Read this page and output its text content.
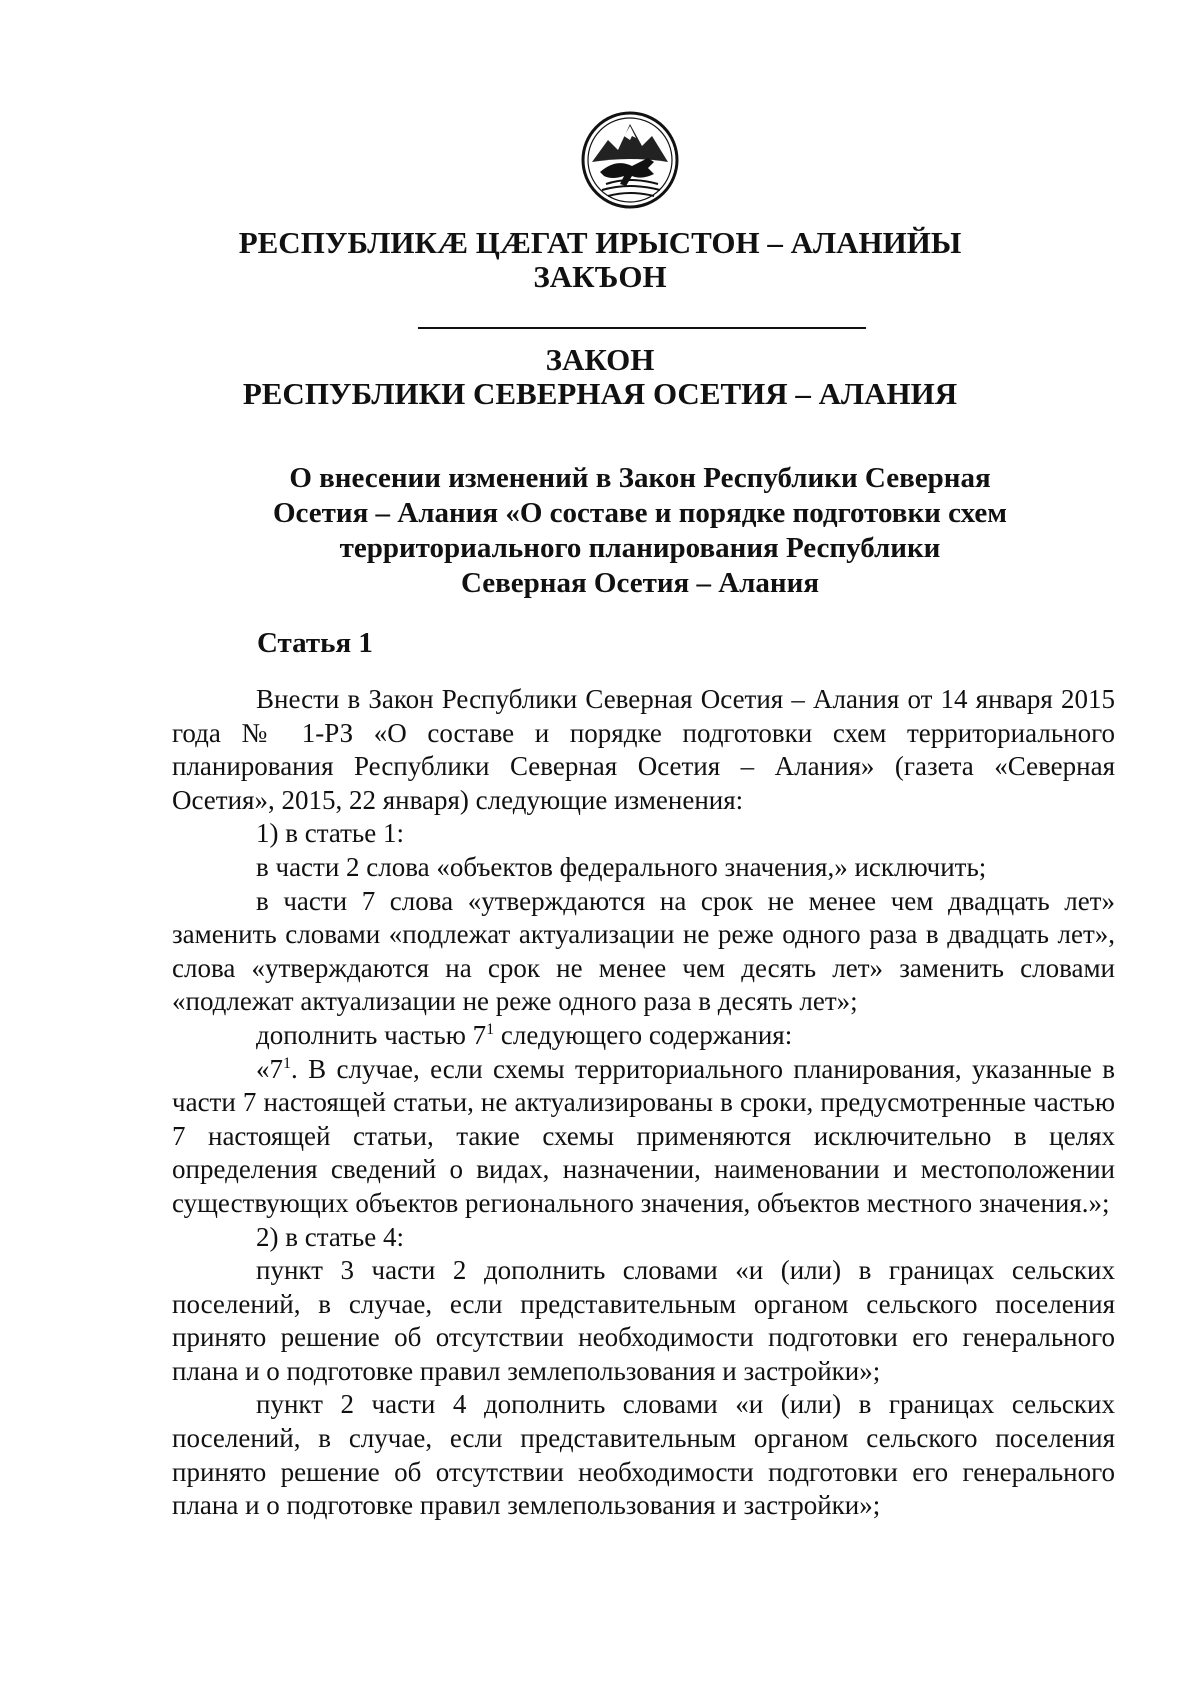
РЕСПУБЛИКӔ ЦӔГАТ ИРЫСТОН – АЛАНИЙЫ
ЗАКЪОН
ЗАКОН
РЕСПУБЛИКИ СЕВЕРНАЯ ОСЕТИЯ – АЛАНИЯ
О внесении изменений в Закон Республики Северная
Осетия – Алания «О составе и порядке подготовки схем
территориального планирования Республики
Северная Осетия – Алания
Статья 1

Внести в Закон Республики Северная Осетия – Алания от 14 января 2015 года № 1-РЗ «О составе и порядке подготовки схем территориального планирования Республики Северная Осетия – Алания» (газета «Северная Осетия», 2015, 22 января) следующие изменения:

1) в статье 1:

в части 2 слова «объектов федерального значения,» исключить;

в части 7 слова «утверждаются на срок не менее чем двадцать лет» заменить словами «подлежат актуализации не реже одного раза в двадцать лет», слова «утверждаются на срок не менее чем десять лет» заменить словами «подлежат актуализации не реже одного раза в десять лет»;

дополнить частью $7^1$ следующего содержания:

«$7^1$. В случае, если схемы территориального планирования, указанные в части 7 настоящей статьи, не актуализированы в сроки, предусмотренные частью 7 настоящей статьи, такие схемы применяются исключительно в целях определения сведений о видах, назначении, наименовании и местоположении существующих объектов регионального значения, объектов местного значения.»;

2) в статье 4:

пункт 3 части 2 дополнить словами «и (или) в границах сельских поселений, в случае, если представительным органом сельского поселения принято решение об отсутствии необходимости подготовки его генерального плана и о подготовке правил землепользования и застройки»;

пункт 2 части 4 дополнить словами «и (или) в границах сельских поселений, в случае, если представительным органом сельского поселения принято решение об отсутствии необходимости подготовки его генерального плана и о подготовке правил землепользования и застройки»;
